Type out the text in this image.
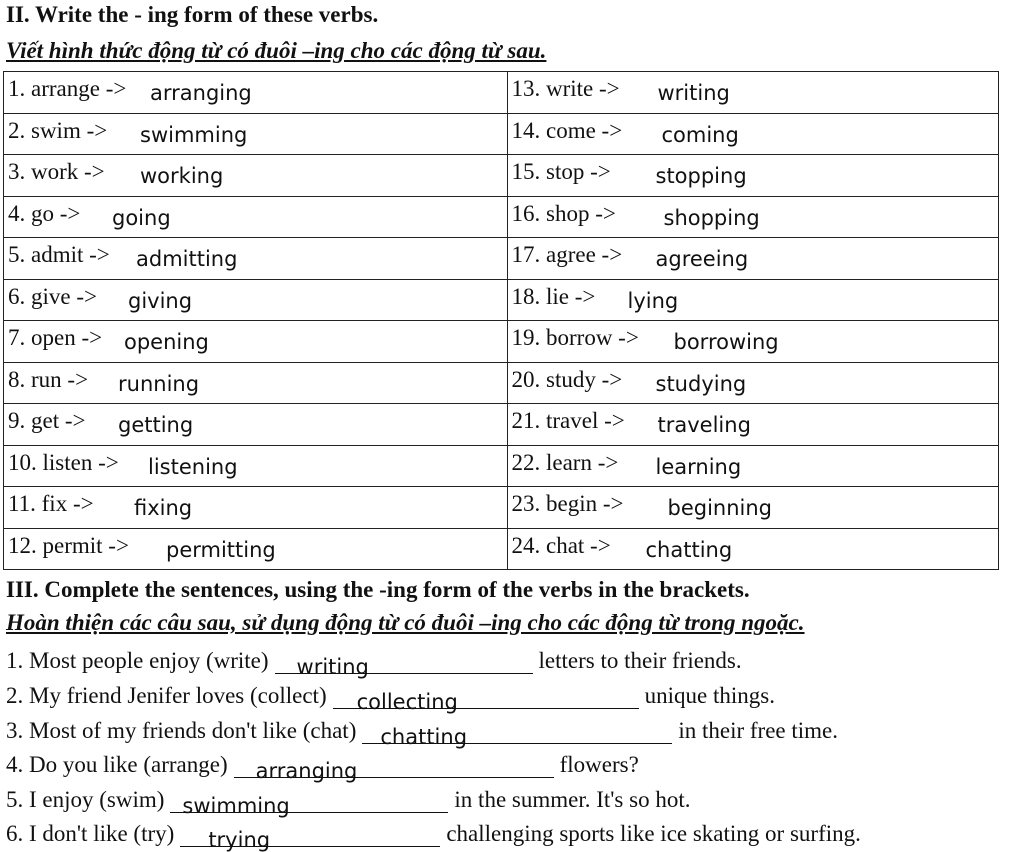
II. Write the - ing form of these verbs.
Viết hình thức động từ có đuôi –ing cho các động từ sau.
1. arrange -> arranging	13. write -> writing

2. swim -> swimming	14. come -> coming

3. work -> working	15. stop -> stopping

4. go -> going	16. shop -> shopping

5. admit -> admitting	17. agree -> agreeing

6. give -> giving	18. lie -> lying

7. open -> opening	19. borrow -> borrowing

8. run -> running	20. study -> studying

9. get -> getting	21. travel -> traveling

10. listen -> listening	22. learn -> learning

11. fix -> fixing	23. begin -> beginning

12. permit -> permitting	24. chat -> chatting
III. Complete the sentences, using the -ing form of the verbs in the brackets.
Hoàn thiện các câu sau, sử dụng động từ có đuôi –ing cho các động từ trong ngoặc.
1. Most people enjoy (write) writing	letters to their friends.
2. My friend Jenifer loves (collect) collecting	unique things.
3. Most of my friends don't like (chat) chatting	in their free time.
4. Do you like (arrange) arranging	flowers?
5. I enjoy (swim) swimming	in the summer. It's so hot.
6. I don't like (try) trying	challenging sports like ice skating or surfing.
